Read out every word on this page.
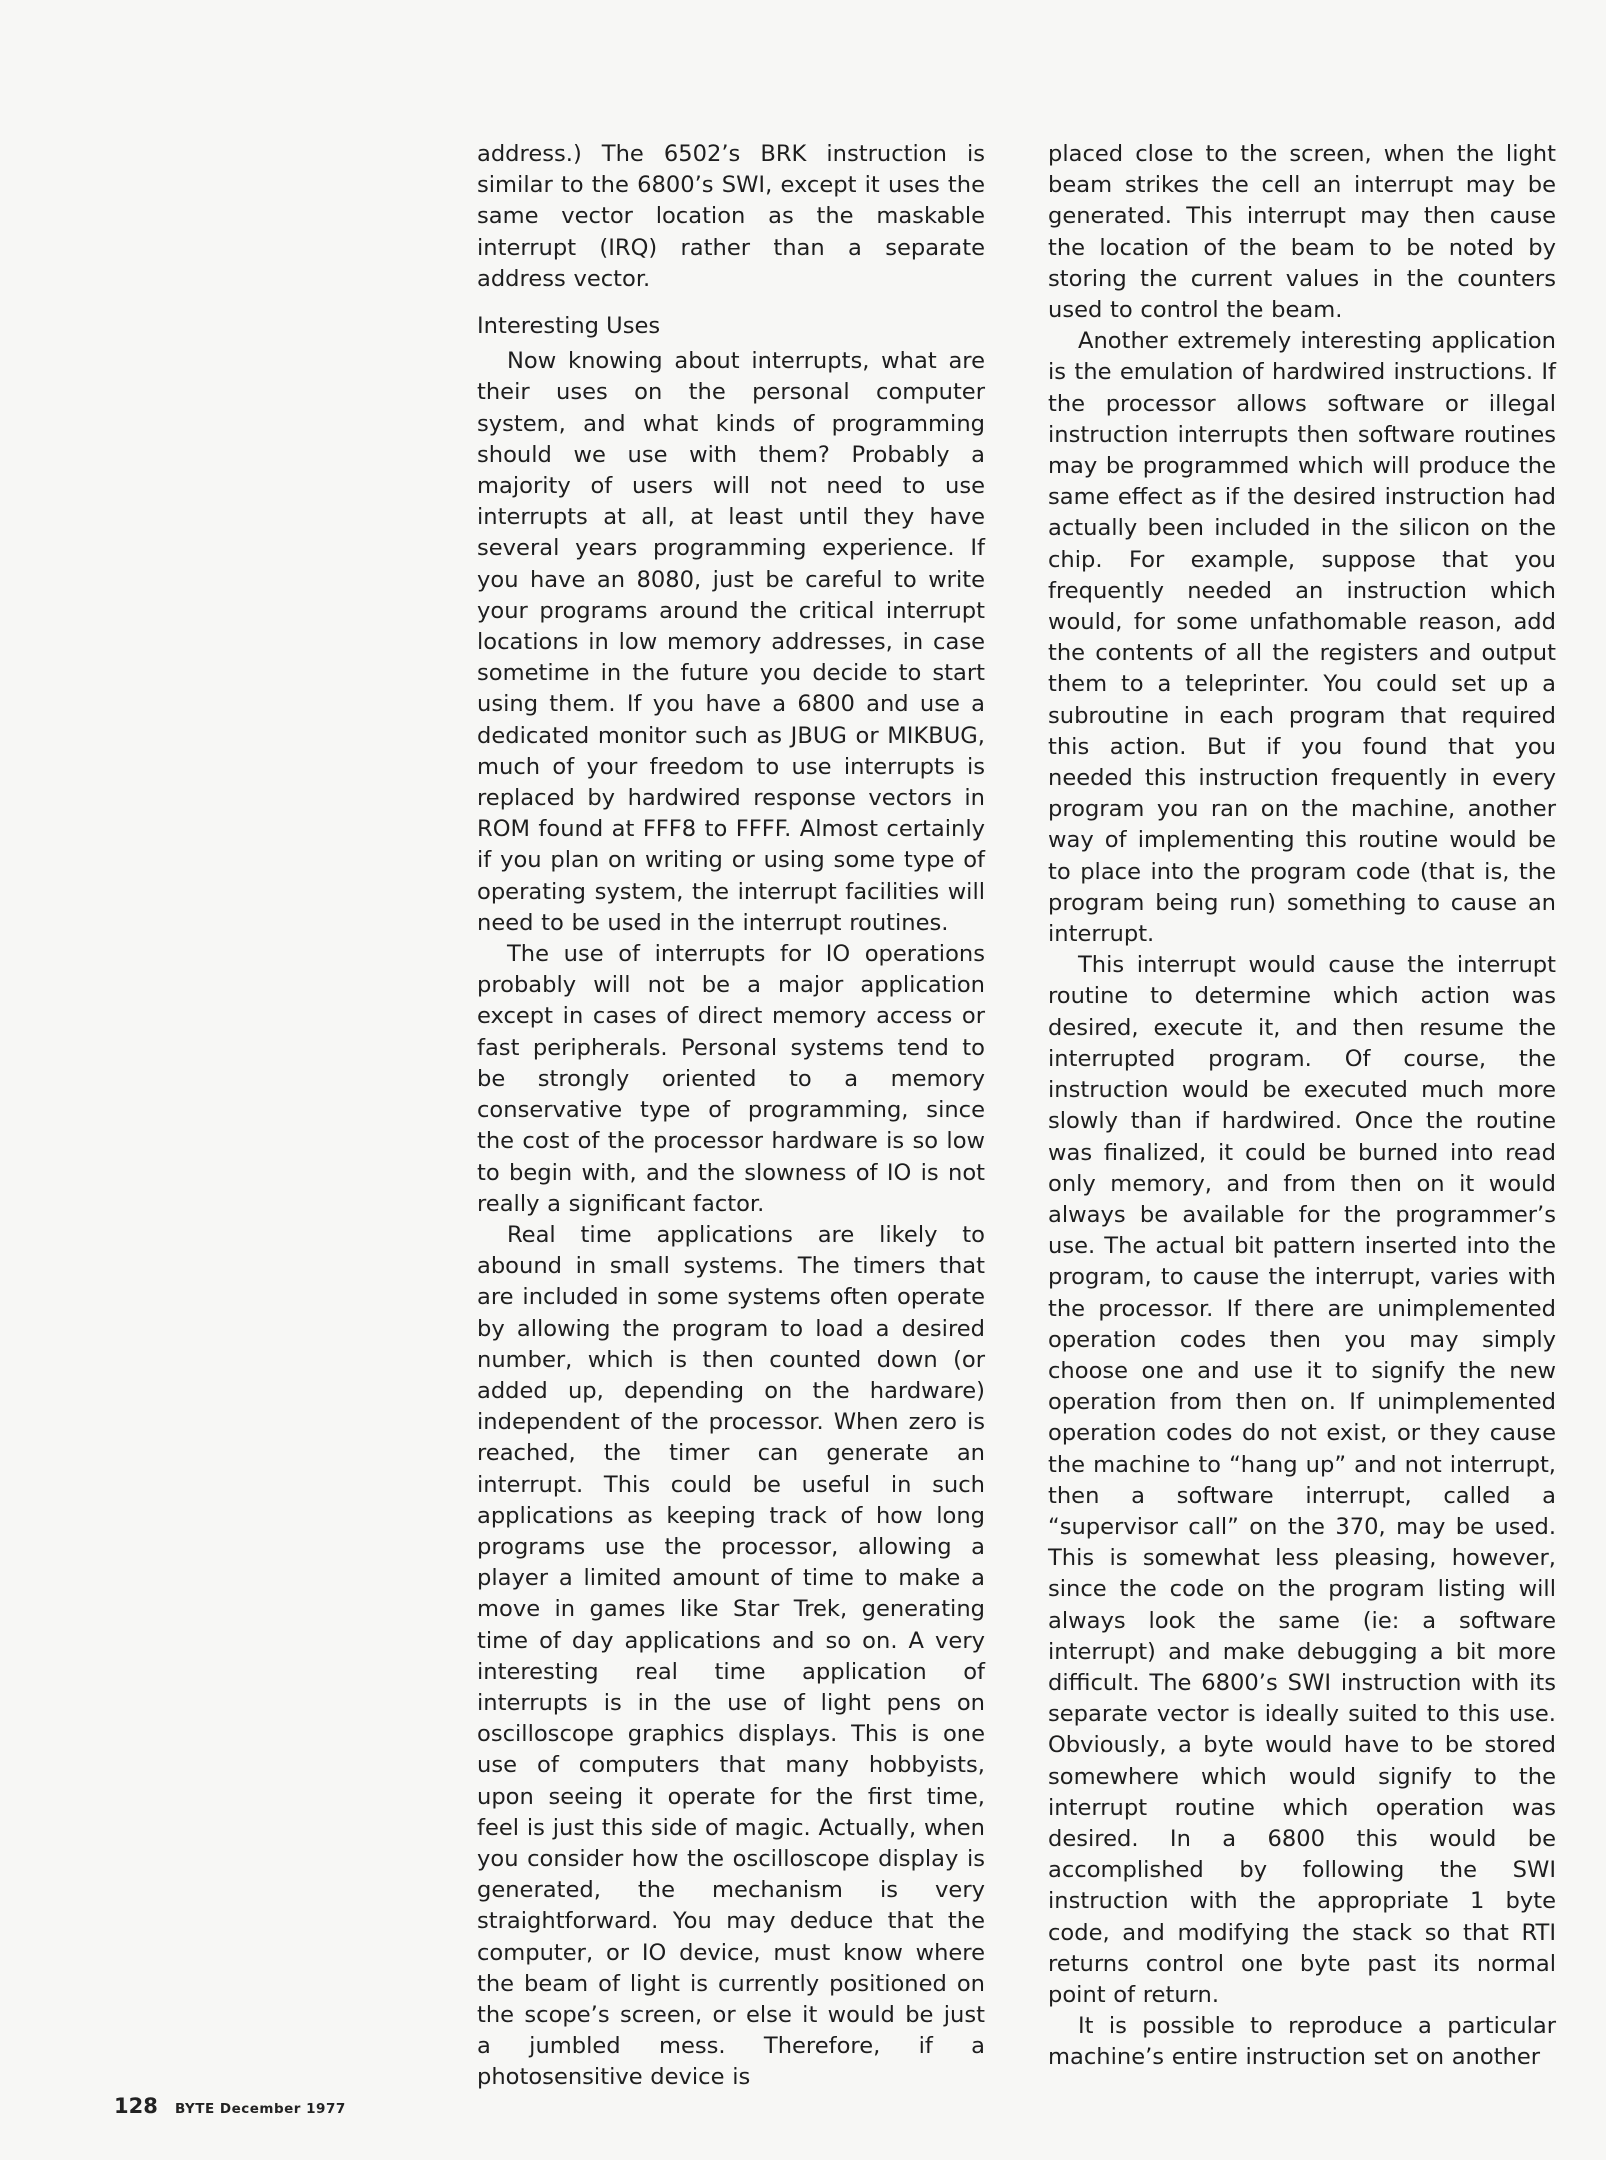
address.) The 6502’s BRK instruction is similar to the 6800’s SWI, except it uses the same vector location as the maskable interrupt (IRQ) rather than a separate address vector.

Interesting Uses

Now knowing about interrupts, what are their uses on the personal computer system, and what kinds of programming should we use with them? Probably a majority of users will not need to use interrupts at all, at least until they have several years programming experience. If you have an 8080, just be careful to write your programs around the critical interrupt locations in low memory addresses, in case sometime in the future you decide to start using them. If you have a 6800 and use a dedicated monitor such as JBUG or MIKBUG, much of your freedom to use interrupts is replaced by hardwired response vectors in ROM found at FFF8 to FFFF. Almost certainly if you plan on writing or using some type of operating system, the interrupt facilities will need to be used in the interrupt routines.

The use of interrupts for IO operations probably will not be a major application except in cases of direct memory access or fast peripherals. Personal systems tend to be strongly oriented to a memory conservative type of programming, since the cost of the processor hardware is so low to begin with, and the slowness of IO is not really a significant factor.

Real time applications are likely to abound in small systems. The timers that are included in some systems often operate by allowing the program to load a desired number, which is then counted down (or added up, depending on the hardware) independent of the processor. When zero is reached, the timer can generate an interrupt. This could be useful in such applications as keeping track of how long programs use the processor, allowing a player a limited amount of time to make a move in games like Star Trek, generating time of day applications and so on. A very interesting real time application of interrupts is in the use of light pens on oscilloscope graphics displays. This is one use of computers that many hobbyists, upon seeing it operate for the first time, feel is just this side of magic. Actually, when you consider how the oscilloscope display is generated, the mechanism is very straightforward. You may deduce that the computer, or IO device, must know where the beam of light is currently positioned on the scope’s screen, or else it would be just a jumbled mess. Therefore, if a photosensitive device is

placed close to the screen, when the light beam strikes the cell an interrupt may be generated. This interrupt may then cause the location of the beam to be noted by storing the current values in the counters used to control the beam.

Another extremely interesting application is the emulation of hardwired instructions. If the processor allows software or illegal instruction interrupts then software routines may be programmed which will produce the same effect as if the desired instruction had actually been included in the silicon on the chip. For example, suppose that you frequently needed an instruction which would, for some unfathomable reason, add the contents of all the registers and output them to a teleprinter. You could set up a subroutine in each program that required this action. But if you found that you needed this instruction frequently in every program you ran on the machine, another way of implementing this routine would be to place into the program code (that is, the program being run) something to cause an interrupt.

This interrupt would cause the interrupt routine to determine which action was desired, execute it, and then resume the interrupted program. Of course, the instruction would be executed much more slowly than if hardwired. Once the routine was finalized, it could be burned into read only memory, and from then on it would always be available for the programmer’s use. The actual bit pattern inserted into the program, to cause the interrupt, varies with the processor. If there are unimplemented operation codes then you may simply choose one and use it to signify the new operation from then on. If unimplemented operation codes do not exist, or they cause the machine to “hang up” and not interrupt, then a software interrupt, called a “supervisor call” on the 370, may be used. This is somewhat less pleasing, however, since the code on the program listing will always look the same (ie: a software interrupt) and make debugging a bit more difficult. The 6800’s SWI instruction with its separate vector is ideally suited to this use. Obviously, a byte would have to be stored somewhere which would signify to the interrupt routine which operation was desired. In a 6800 this would be accomplished by following the SWI instruction with the appropriate 1 byte code, and modifying the stack so that RTI returns control one byte past its normal point of return.

It is possible to reproduce a particular machine’s entire instruction set on another

128 BYTE December 1977
